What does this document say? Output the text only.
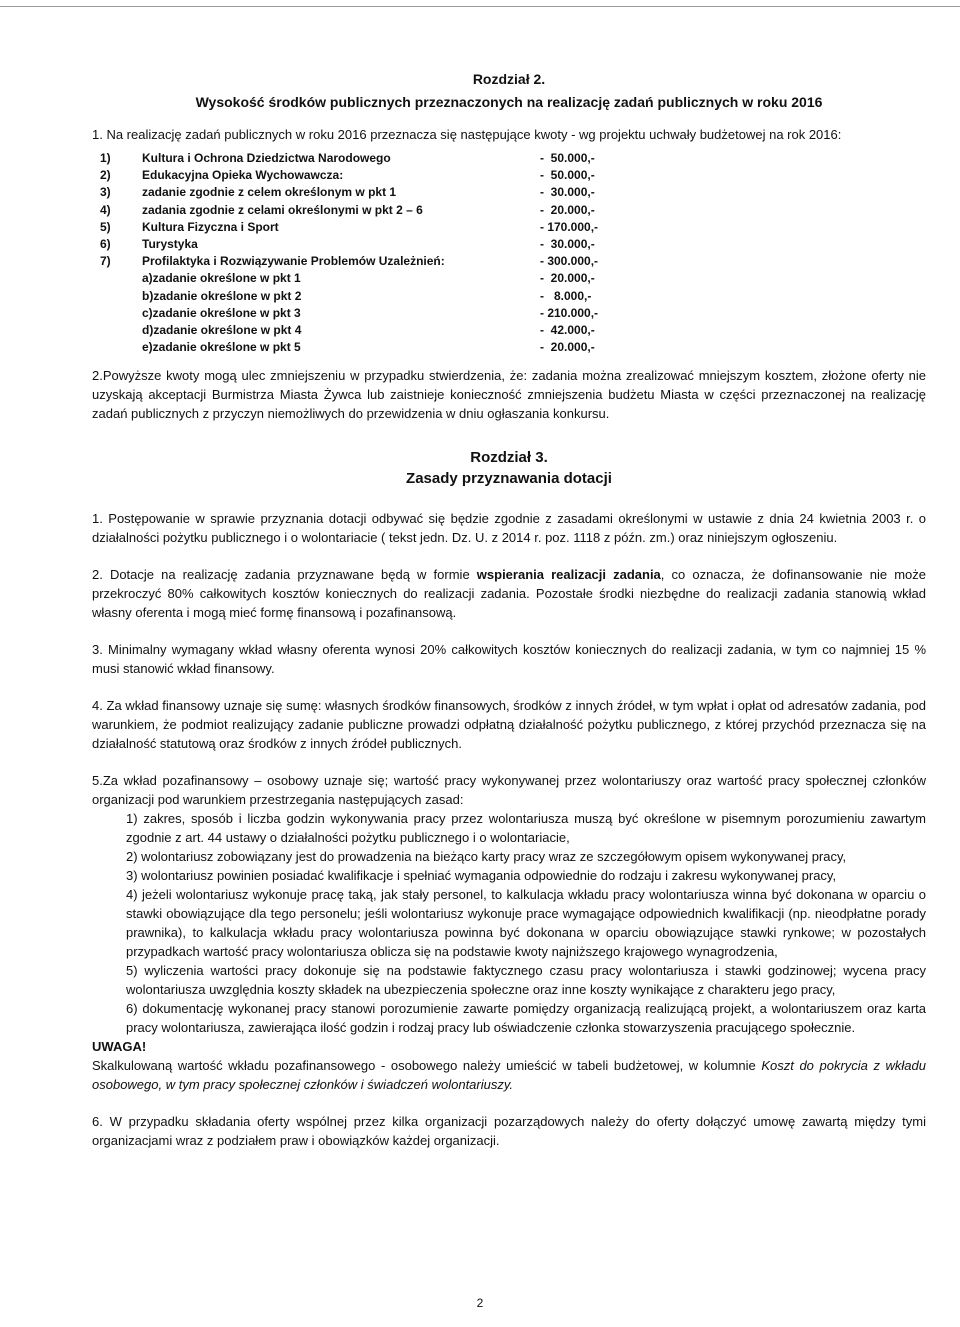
Rozdział 2.
Wysokość środków publicznych przeznaczonych na realizację zadań publicznych w roku 2016

1. Na realizację zadań publicznych w roku 2016 przeznacza się następujące kwoty - wg projektu uchwały budżetowej na rok 2016:

1)	Kultura i Ochrona Dziedzictwa Narodowego	-  50.000,-
2)	Edukacyjna Opieka Wychowawcza:	-  50.000,-
3)	zadanie zgodnie z celem określonym w pkt 1	-  30.000,-
4)	zadania zgodnie z celami określonymi w pkt 2 – 6	-  20.000,-
5)	Kultura Fizyczna i Sport	- 170.000,-
6)	Turystyka	-  30.000,-
7)	Profilaktyka i Rozwiązywanie Problemów Uzależnień:	- 300.000,-
a)zadanie określone w pkt 1	-  20.000,-
b)zadanie określone w pkt 2	-   8.000,-
c)zadanie określone w pkt 3	- 210.000,-
d)zadanie określone w pkt 4	-  42.000,-
e)zadanie określone w pkt 5	-  20.000,-

2.Powyższe kwoty mogą ulec zmniejszeniu w przypadku stwierdzenia, że: zadania można zrealizować mniejszym kosztem, złożone oferty nie uzyskają akceptacji Burmistrza Miasta Żywca lub zaistnieje konieczność zmniejszenia budżetu Miasta w części przeznaczonej na realizację zadań publicznych z przyczyn niemożliwych do przewidzenia w dniu ogłaszania konkursu.

Rozdział 3.
Zasady przyznawania dotacji

1. Postępowanie w sprawie przyznania dotacji odbywać się będzie zgodnie z zasadami określonymi w ustawie z dnia 24 kwietnia 2003 r. o działalności pożytku publicznego i o wolontariacie ( tekst jedn. Dz. U. z 2014 r. poz. 1118 z późn. zm.) oraz niniejszym ogłoszeniu.

2. Dotacje na realizację zadania przyznawane będą w formie wspierania realizacji zadania, co oznacza, że dofinansowanie nie może przekroczyć 80% całkowitych kosztów koniecznych do realizacji zadania. Pozostałe środki niezbędne do realizacji zadania stanowią wkład własny oferenta i mogą mieć formę finansową i pozafinansową.

3. Minimalny wymagany wkład własny oferenta wynosi 20% całkowitych kosztów koniecznych do realizacji zadania, w tym co najmniej 15 % musi stanowić wkład finansowy.

4. Za wkład finansowy uznaje się sumę: własnych środków finansowych, środków z innych źródeł, w tym wpłat i opłat od adresatów zadania, pod warunkiem, że podmiot realizujący zadanie publiczne prowadzi odpłatną działalność pożytku publicznego, z której przychód przeznacza się na działalność statutową oraz środków z innych źródeł publicznych.

5.Za wkład pozafinansowy – osobowy uznaje się; wartość pracy wykonywanej przez wolontariuszy oraz wartość pracy społecznej członków organizacji pod warunkiem przestrzegania następujących zasad:

1) zakres, sposób i liczba godzin wykonywania pracy przez wolontariusza muszą być określone w pisemnym porozumieniu zawartym zgodnie z art. 44 ustawy o działalności pożytku publicznego i o wolontariacie,

2) wolontariusz zobowiązany jest do prowadzenia na bieżąco karty pracy wraz ze szczegółowym opisem wykonywanej pracy,

3) wolontariusz powinien posiadać kwalifikacje i spełniać wymagania odpowiednie do rodzaju i zakresu wykonywanej pracy,

4) jeżeli wolontariusz wykonuje pracę taką, jak stały personel, to kalkulacja wkładu pracy wolontariusza winna być dokonana w oparciu o stawki obowiązujące dla tego personelu; jeśli wolontariusz wykonuje prace wymagające odpowiednich kwalifikacji (np. nieodpłatne porady prawnika), to kalkulacja wkładu pracy wolontariusza powinna być dokonana w oparciu obowiązujące stawki rynkowe; w pozostałych przypadkach wartość pracy wolontariusza oblicza się na podstawie kwoty najniższego krajowego wynagrodzenia,

5) wyliczenia wartości pracy dokonuje się na podstawie faktycznego czasu pracy wolontariusza i stawki godzinowej; wycena pracy wolontariusza uwzględnia koszty składek na ubezpieczenia społeczne oraz inne koszty wynikające z charakteru jego pracy,

6) dokumentację wykonanej pracy stanowi porozumienie zawarte pomiędzy organizacją realizującą projekt, a wolontariuszem oraz karta pracy wolontariusza, zawierająca ilość godzin i rodzaj pracy lub oświadczenie członka stowarzyszenia pracującego społecznie.

UWAGA!

Skalkulowaną wartość wkładu pozafinansowego - osobowego należy umieścić w tabeli budżetowej, w kolumnie Koszt do pokrycia z wkładu osobowego, w tym pracy społecznej członków i świadczeń wolontariuszy.

6. W przypadku składania oferty wspólnej przez kilka organizacji pozarządowych należy do oferty dołączyć umowę zawartą między tymi organizacjami wraz z podziałem praw i obowiązków każdej organizacji.

2
